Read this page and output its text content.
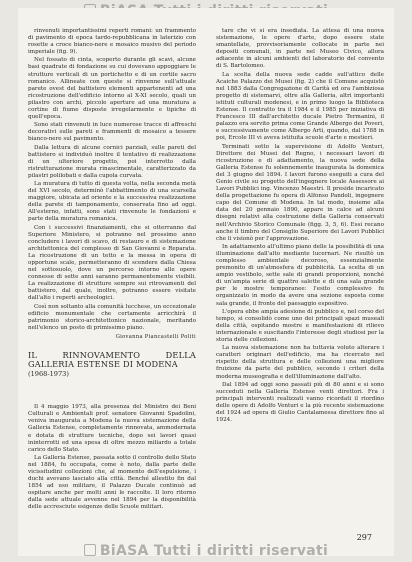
rinvenuti importantissimi reperti romani: un frammento di pavimento di epoca tardo-repubblicana in laterizio con rosette a croce bianco-nere e mosaico musivo del periodo imperiale (fig. 9).

Nel fossato di cinta, scoperto durante gli scavi, alcune basi quadrate di fondazione su cui dovevano appoggiare le strutture verticali di un portichetto e di un cortile sacro romanico. Allineate con queste si rinvenne sull'attuale parete ovest del battistero elementi appartenenti ad una ricostruzione dell'edificio intorno al X-XI secolo, quali un pilastro con archi, piccole aperture ad una muratura a cortine di fiume disposte irregolarmente e tipiche di quell'epoca.

Sono stati rinvenuti in luce numerose tracce di affreschi decorativi sulle pareti e frammenti di mosaico a tessere bianco-nere sul pavimento.

Dalla lettura di alcune cornici parziali, sulle pareti del battistero si individuò inoltre il tentativo di realizzazione di un ulteriore progetto, poi interrotto dalla ristrutturazione murata rinascimentale, caratterizzato da pilastri polilobati e dalla cupola curvata.

La muratura di tutto di questa volta, nella seconda metà del XVI secolo, determinò l'abbattimento di una scarsella maggiore, ubicata ad oriente e la successiva realizzazione della parete di tamponamento, conservata fino ad oggi. All'esterno, infatti, sono stati rinvenute le fondazioni e parte della muratura romanica.

Con i successivi finanziamenti, che si otterranno dal Superiore Ministero, si potranno nel prossimo anno concludere i lavori di scavo, di restauro e di sistemazione architettonica del complesso di San Giovanni e Reparata. La ricostruzione di un tetto e la messa in opera di opportune scale, permetteranno di scendere dalla Chiesa nel sottosuolo, dove un percorso intorno alle opere connesse di sette anni saranno permanentemente visibili. La realizzazione di strutture sempre sui ritrovamenti del battistero, dal quale, inoltre, potranno essere visitate dall'alto i reperti archeologici.

Così non soltanto alla comunità lucchese, un eccezionale edificio monumentale che certamente arricchirà il patrimonio storico-architettonico nazionale, meritando nell'elenco un posto di primissimo piano.

Giovanna Piancastelli Politi
IL RINNOVAMENTO DELLA GALLERIA ESTENSE DI MODENA
(1968-1973)

Il 4 maggio 1973, alla presenza del Ministro dei Beni Culturali e Ambientali prof. senatore Giovanni Spadolini, veniva inaugurata a Modena la nuova sistemazione della Galleria Estense, completamente rinnovata, ammodernata e dotata di strutture tecniche, dopo sei lavori quasi ininterrotti ed una spesa di oltre mezzo miliardo a totale carico dello Stato.

La Galleria Estense, passata sotto il controllo dello Stato nel 1884, fu occupata, come è noto, dalla parte delle vicissitudini collezioni che, al momento dell'espulsione, i duchi avevano lasciato alla città. Benché allestito fin dal 1854 ad uso militare, il Palazzo Ducale continuò ad ospitare anche per molti anni le raccolte. Il loro ritorno dalla sede attuale avvenne nel 1894 per la disponibilità delle accresciute esigenze delle Scuole militari.

tare che vi si era insediata. La attesa di una nuova sistemazione, le opere d'arte, dopo essere state smantellate, provvisoriamente collocate in parte nei depositi comunali, in parte nel Museo Civico, allora adiacente in alcuni ambienti del laboratorio del convento di S. Bartolomeo.

La scelta della nuova sede cadde sull'attico delle Acaiche Palazzo dei Musei (fig. 2) che il Comune acquistò nel 1883 dalla Congregazione di Carità ed ora l'ambiziosa progetto di sistemarvi, oltre alla Galleria, altri importanti istituti culturali modenesi, e in primo luogo la Biblioteca Estense. Il contratto tra il 1984 e il 1985 per iniziativa di Francesco III dall'architetto ducale Pietro Termanini, il palazzo era servito prima come Grande Albergo dei Poveri, e successivamente come Albergo Arti, quando, dal 1788 in poi, Ercole III vi aveva istituita scuole d'arte e mestieri.

Terminati sotto la supervisione di Adolfo Venturi, Direttore dei Musei del Regno, i necessari lavori di ricostruzione e di adattamento, la nuova sede della Galleria Estense fu solennemente inaugurata la domenica del 3 giugno del 1894. I lavori furono eseguiti a cura del Genio civile su progetto dell'ingegnere locale Assessore ai Lavori Pubblici ing. Vincenzo Maestri. Il preside incaricato della progettazione fu opera di Alfonso Pandoli, ingegnere capo del Comune di Modena. In tal modo, insieme alla data del 20 gennaio 1890, appare in calce ad alcuni disegni relativi alla costruzione della Galleria conservati nell'Archivio Storico Comunale (figg. 3, 5, 6). Essi recano anche il timbro del Consiglio Superiore dei Lavori Pubblici che li visionò per l'approvazione.

In adattamento all'ultimo piano delle la possibilità di una illuminazione dall'alto mediante lucernari. Ne risultò un complesso ambientale decoroso, essenzialmente premonito di un'atmosfera di pubblicità. La scelta di un ampio vestibolo, sette sale di grandi proporzioni, nonché di un'ampia serie di quattro salette e di una sala grande per le mostre temporanee: l'esito complessivo fu organizzato in modo da avere una sezione esposta come sala grande, il fronte del paesaggio espositivo.

L'opera ebbe ampia adesione di pubblico e, nel corso del tempo, si consolidò come uno dei principali spazi museali della città, ospitando mostre e manifestazioni di rilievo internazionale e suscitando l'interesse degli studiosi per la storia delle collezioni.

La nuova sistemazione non ha tuttavia voluto alterare i caratteri originari dell'edificio, ma ha ricercato nel rispetto della struttura e delle collezioni una migliore fruizione da parte del pubblico, secondo i criteri della moderna museografia e dell'illuminazione dall'alto.

Dal 1894 ad oggi sono passati più di 80 anni e si sono succeduti nella Galleria Estense venti direttori. Fra i principali interventi realizzati vanno ricordati il riordino delle opere di Adolfo Venturi e la più recente sistemazione del 1924 ad opera di Giulio Cantalamessa direttore fino al 1924.

297
BiASA Tutti i diritti riservati
